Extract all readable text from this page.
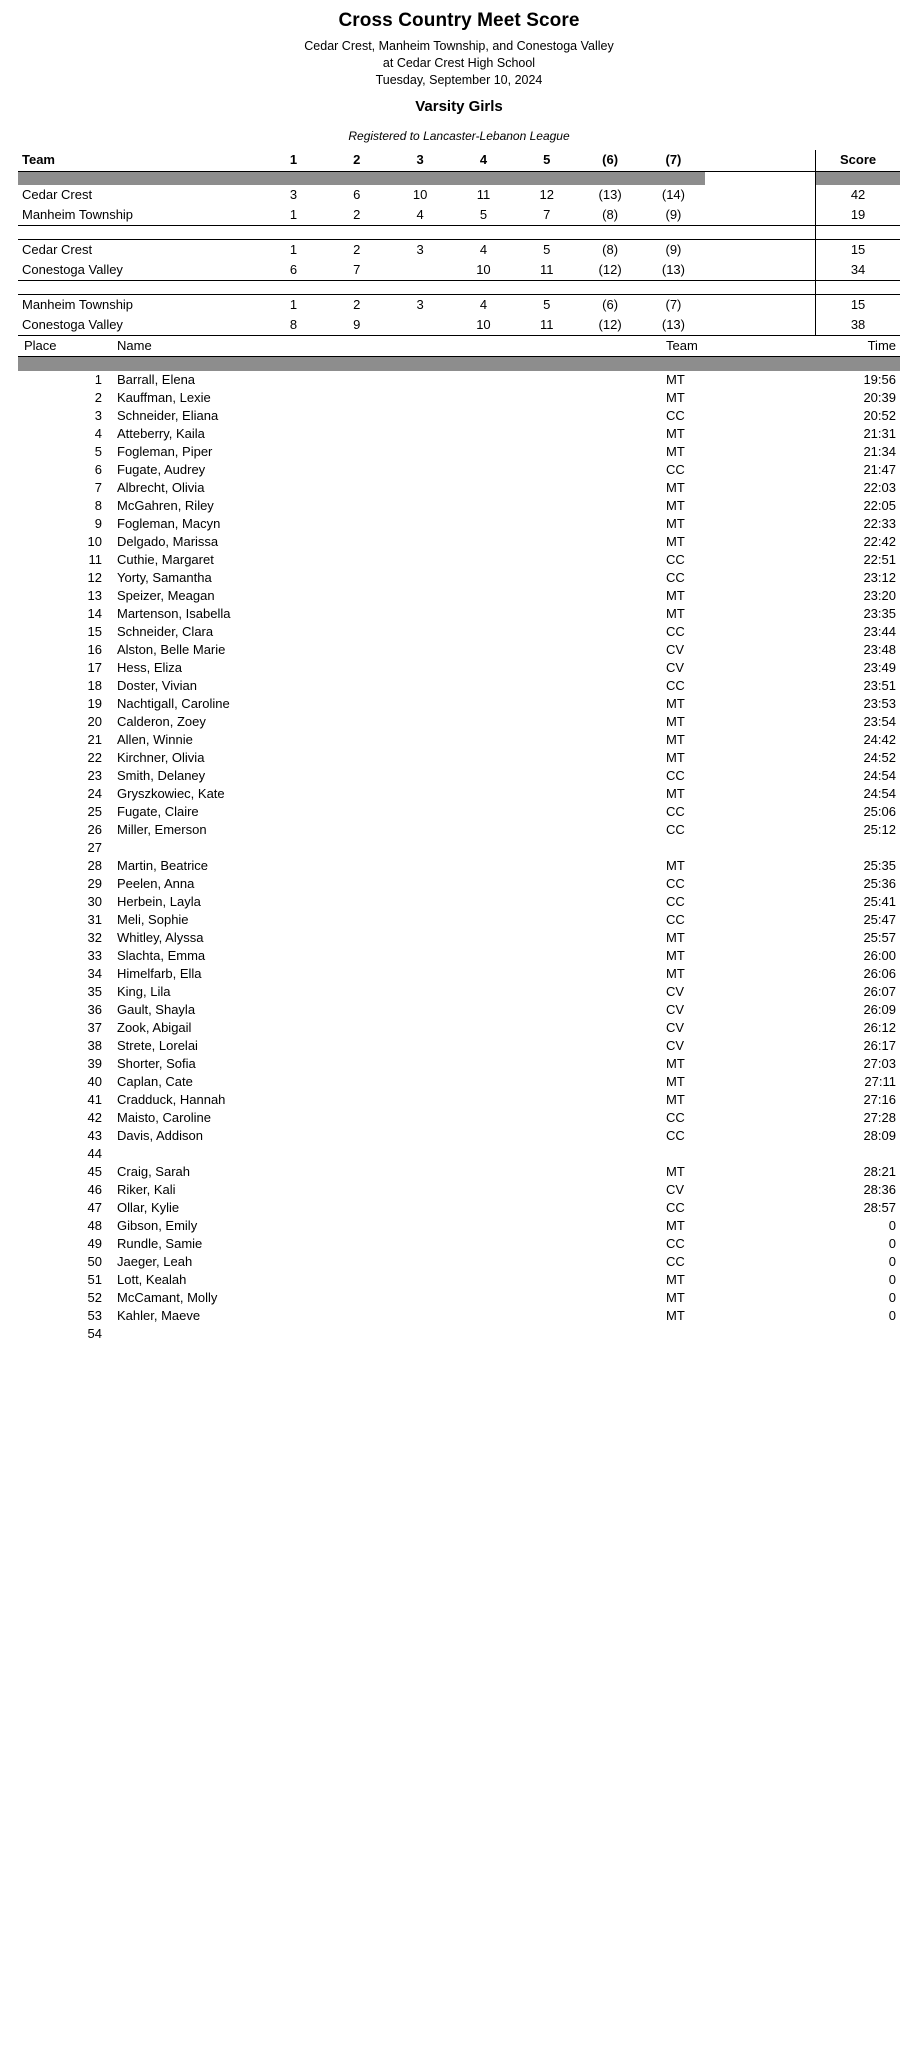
Cross Country Meet Score
Cedar Crest, Manheim Township, and Conestoga Valley
at Cedar Crest High School
Tuesday, September 10, 2024
Varsity Girls
Registered to Lancaster-Lebanon League
Team	1	2	3	4	5	(6)	(7)		Score

Cedar Crest	3	6	10	11	12	(13)	(14)		42
Manheim Township	1	2	4	5	7	(8)	(9)		19

Cedar Crest	1	2	3	4	5	(8)	(9)		15
Conestoga Valley	6	7		10	11	(12)	(13)		34

Manheim Township	1	2	3	4	5	(6)	(7)		15
Conestoga Valley	8	9		10	11	(12)	(13)		38
Place	Name	Team	Time

1	Barrall, Elena	MT	19:56
2	Kauffman, Lexie	MT	20:39
3	Schneider, Eliana	CC	20:52
4	Atteberry, Kaila	MT	21:31
5	Fogleman, Piper	MT	21:34
6	Fugate, Audrey	CC	21:47
7	Albrecht, Olivia	MT	22:03
8	McGahren, Riley	MT	22:05
9	Fogleman, Macyn	MT	22:33
10	Delgado, Marissa	MT	22:42
11	Cuthie, Margaret	CC	22:51
12	Yorty, Samantha	CC	23:12
13	Speizer, Meagan	MT	23:20
14	Martenson, Isabella	MT	23:35
15	Schneider, Clara	CC	23:44
16	Alston, Belle Marie	CV	23:48
17	Hess, Eliza	CV	23:49
18	Doster, Vivian	CC	23:51
19	Nachtigall, Caroline	MT	23:53
20	Calderon, Zoey	MT	23:54
21	Allen, Winnie	MT	24:42
22	Kirchner, Olivia	MT	24:52
23	Smith, Delaney	CC	24:54
24	Gryszkowiec, Kate	MT	24:54
25	Fugate, Claire	CC	25:06
26	Miller, Emerson	CC	25:12
27			
28	Martin, Beatrice	MT	25:35
29	Peelen, Anna	CC	25:36
30	Herbein, Layla	CC	25:41
31	Meli, Sophie	CC	25:47
32	Whitley, Alyssa	MT	25:57
33	Slachta, Emma	MT	26:00
34	Himelfarb, Ella	MT	26:06
35	King, Lila	CV	26:07
36	Gault, Shayla	CV	26:09
37	Zook, Abigail	CV	26:12
38	Strete, Lorelai	CV	26:17
39	Shorter, Sofia	MT	27:03
40	Caplan, Cate	MT	27:11
41	Cradduck, Hannah	MT	27:16
42	Maisto, Caroline	CC	27:28
43	Davis, Addison	CC	28:09
44			
45	Craig, Sarah	MT	28:21
46	Riker, Kali	CV	28:36
47	Ollar, Kylie	CC	28:57
48	Gibson, Emily	MT	0
49	Rundle, Samie	CC	0
50	Jaeger, Leah	CC	0
51	Lott, Kealah	MT	0
52	McCamant, Molly	MT	0
53	Kahler, Maeve	MT	0
54			
